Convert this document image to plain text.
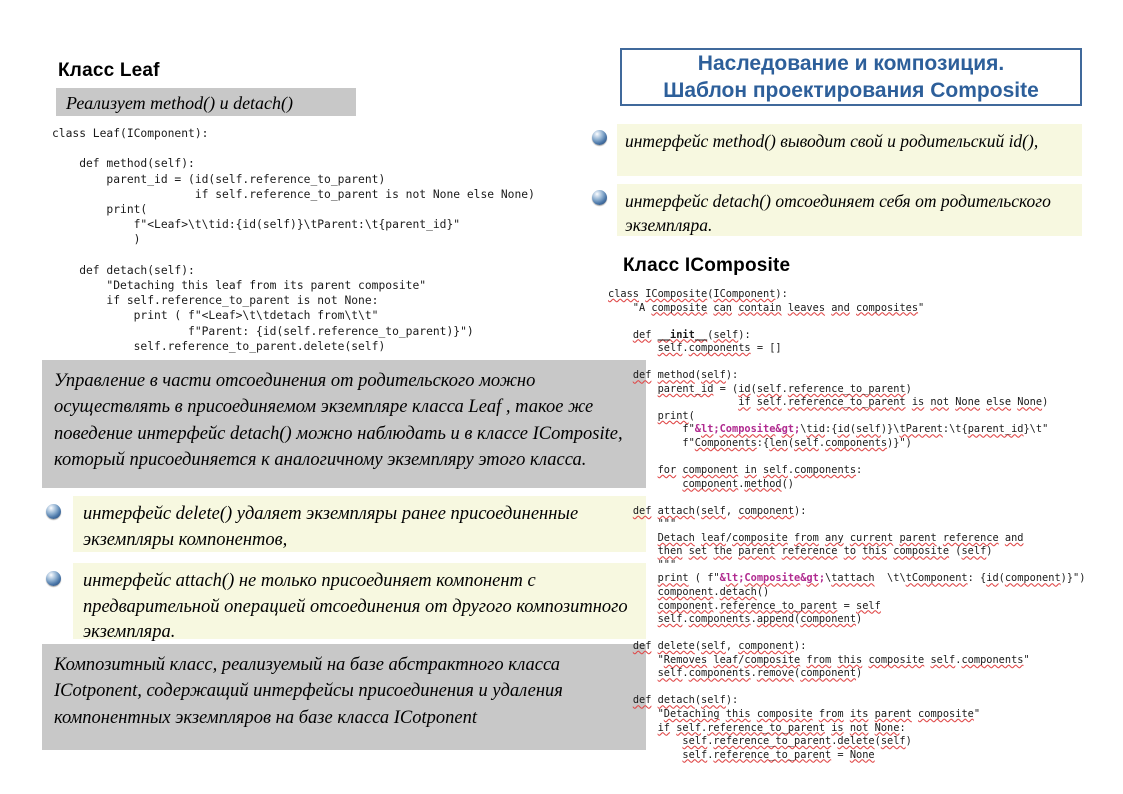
Класс Leaf
Реализует method() и detach()
class Leaf(IComponent):

def method(self):
parent_id = (id(self.reference_to_parent)
if self.reference_to_parent is not None else None)
print(
f"<Leaf>\t\tid:{id(self)}\tParent:\t{parent_id}"
)

def detach(self):
"Detaching this leaf from its parent composite"
if self.reference_to_parent is not None:
print ( f"<Leaf>\t\tdetach from\t\t"
f"Parent: {id(self.reference_to_parent)}")
self.reference_to_parent.delete(self)
Управление в части отсоединения от родительского можно осуществлять в присоединяемом экземпляре класса Leaf , такое же поведение интерфейс detach() можно наблюдать и в классе ICompоsite, который присоединяется к аналогичному экземпляру этого класса.
интерфейс delete() удаляет экземпляры ранее присоединенные экземпляры компонентов,
интерфейс attach() не только присоединяет компонент с предварительной операцией отсоединения от другого композитного экземпляра.
Композитный класс, реализуемый на базе абстрактного класса ICotponent, содержащий интерфейсы присоединения и удаления компонентных экземпляров на базе класса ICotponent
Наследование и композиция.
Шаблон проектирования Composite
интерфейс method() выводит свой и родительский id(),
интерфейс detach() отсоединяет себя от родительского экземпляра.
Класс IComposite
class IComposite(IComponent):
"A composite can contain leaves and composites"

def __init__(self):
self.components = []

def method(self):
parent_id = (id(self.reference_to_parent)
if self.reference_to_parent is not None else None)
print(
f"&lt;Composite&gt;\tid:{id(self)}\tParent:\t{parent_id}\t"
f"Components:{len(self.components)}")

for component in self.components:
component.method()

def attach(self, component):
"""
Detach leaf/composite from any current parent reference and
then set the parent reference to this composite (self)
"""
print ( f"&lt;Composite&gt;\tattach  \t\tComponent: {id(component)}")
component.detach()
component.reference_to_parent = self
self.components.append(component)

def delete(self, component):
"Removes leaf/composite from this composite self.components"
self.components.remove(component)

def detach(self):
"Detaching this composite from its parent composite"
if self.reference_to_parent is not None:
self.reference_to_parent.delete(self)
self.reference_to_parent = None
